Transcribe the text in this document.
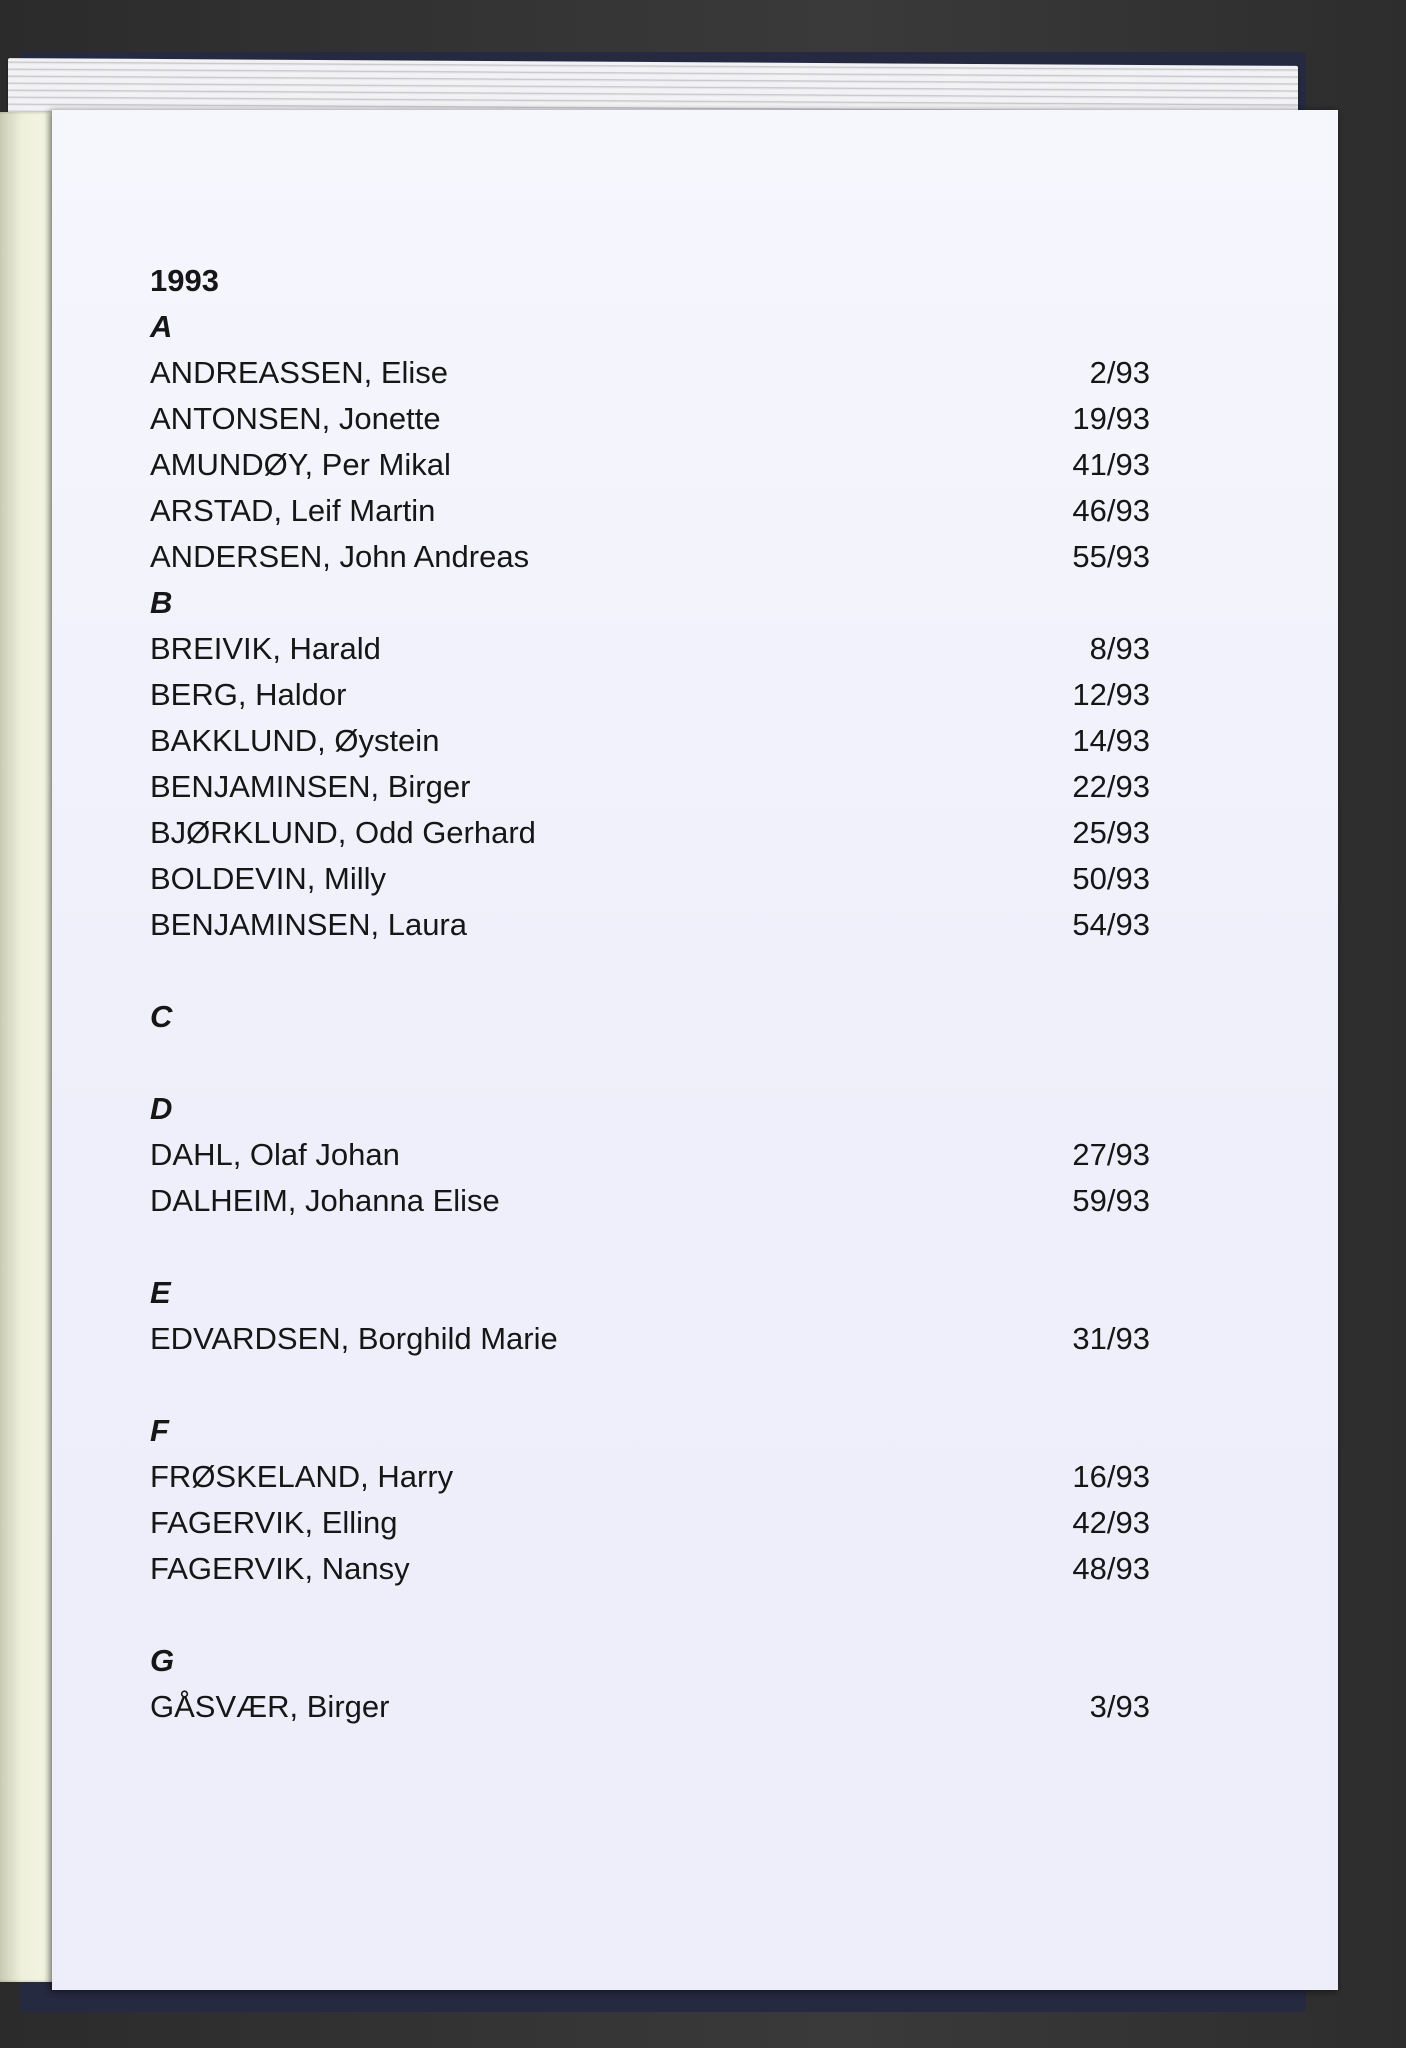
1993
A
ANDREASSEN, Elise	2/93
ANTONSEN, Jonette	19/93
AMUNDØY, Per Mikal	41/93
ARSTAD, Leif Martin	46/93
ANDERSEN, John Andreas	55/93
B
BREIVIK, Harald	8/93
BERG, Haldor	12/93
BAKKLUND, Øystein	14/93
BENJAMINSEN, Birger	22/93
BJØRKLUND, Odd Gerhard	25/93
BOLDEVIN, Milly	50/93
BENJAMINSEN, Laura	54/93
C
D
DAHL, Olaf Johan	27/93
DALHEIM, Johanna Elise	59/93
E
EDVARDSEN, Borghild Marie	31/93
F
FRØSKELAND, Harry	16/93
FAGERVIK, Elling	42/93
FAGERVIK, Nansy	48/93
G
GÅSVÆR, Birger	3/93
